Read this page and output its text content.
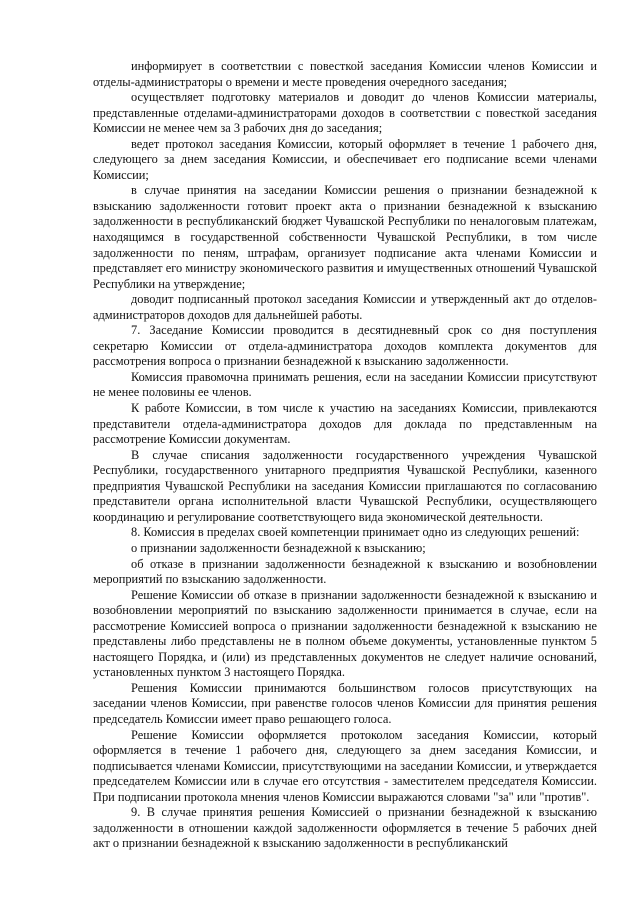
информирует в соответствии с повесткой заседания Комиссии членов Комиссии и отделы-администраторы о времени и месте проведения очередного заседания;

осуществляет подготовку материалов и доводит до членов Комиссии материалы, представленные отделами-администраторами доходов в соответствии с повесткой заседания Комиссии не менее чем за 3 рабочих дня до заседания;

ведет протокол заседания Комиссии, который оформляет в течение 1 рабочего дня, следующего за днем заседания Комиссии, и обеспечивает его подписание всеми членами Комиссии;

в случае принятия на заседании Комиссии решения о признании безнадежной к взысканию задолженности готовит проект акта о признании безнадежной к взысканию задолженности в республиканский бюджет Чувашской Республики по неналоговым платежам, находящимся в государственной собственности Чувашской Республики, в том числе задолженности по пеням, штрафам, организует подписание акта членами Комиссии и представляет его министру экономического развития и имущественных отношений Чувашской Республики на утверждение;

доводит подписанный протокол заседания Комиссии и утвержденный акт до отделов-администраторов доходов для дальнейшей работы.

7. Заседание Комиссии проводится в десятидневный срок со дня поступления секретарю Комиссии от отдела-администратора доходов комплекта документов для рассмотрения вопроса о признании безнадежной к взысканию задолженности.

Комиссия правомочна принимать решения, если на заседании Комиссии присутствуют не менее половины ее членов.

К работе Комиссии, в том числе к участию на заседаниях Комиссии, привлекаются представители отдела-администратора доходов для доклада по представленным на рассмотрение Комиссии документам.

В случае списания задолженности государственного учреждения Чувашской Республики, государственного унитарного предприятия Чувашской Республики, казенного предприятия Чувашской Республики на заседания Комиссии приглашаются по согласованию представители органа исполнительной власти Чувашской Республики, осуществляющего координацию и регулирование соответствующего вида экономической деятельности.

8. Комиссия в пределах своей компетенции принимает одно из следующих решений:

о признании задолженности безнадежной к взысканию;

об отказе в признании задолженности безнадежной к взысканию и возобновлении мероприятий по взысканию задолженности.

Решение Комиссии об отказе в признании задолженности безнадежной к взысканию и возобновлении мероприятий по взысканию задолженности принимается в случае, если на рассмотрение Комиссией вопроса о признании задолженности безнадежной к взысканию не представлены либо представлены не в полном объеме документы, установленные пунктом 5 настоящего Порядка, и (или) из представленных документов не следует наличие оснований, установленных пунктом 3 настоящего Порядка.

Решения Комиссии принимаются большинством голосов присутствующих на заседании членов Комиссии, при равенстве голосов членов Комиссии для принятия решения председатель Комиссии имеет право решающего голоса.

Решение Комиссии оформляется протоколом заседания Комиссии, который оформляется в течение 1 рабочего дня, следующего за днем заседания Комиссии, и подписывается членами Комиссии, присутствующими на заседании Комиссии, и утверждается председателем Комиссии или в случае его отсутствия - заместителем председателя Комиссии. При подписании протокола мнения членов Комиссии выражаются словами "за" или "против".

9. В случае принятия решения Комиссией о признании безнадежной к взысканию задолженности в отношении каждой задолженности оформляется в течение 5 рабочих дней акт о признании безнадежной к взысканию задолженности в республиканский
